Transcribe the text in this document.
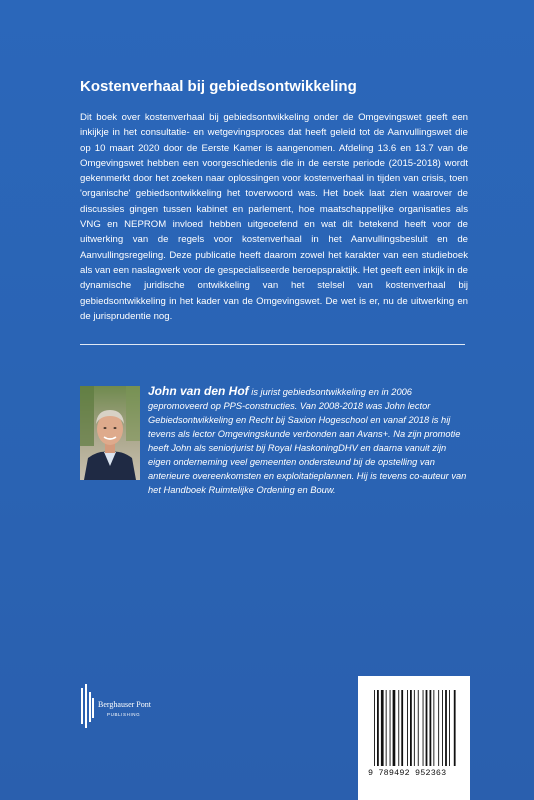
Kostenverhaal bij gebiedsontwikkeling

Dit boek over kostenverhaal bij gebiedsontwikkeling onder de Omgevingswet geeft een inkijkje in het consultatie- en wetgevingsproces dat heeft geleid tot de Aanvullingswet die op 10 maart 2020 door de Eerste Kamer is aangenomen. Afdeling 13.6 en 13.7 van de Omgevingswet hebben een voorgeschiedenis die in de eerste periode (2015-2018) wordt gekenmerkt door het zoeken naar oplossingen voor kostenverhaal in tijden van crisis, toen 'organische' gebiedsontwikkeling het toverwoord was. Het boek laat zien waarover de discussies gingen tussen kabinet en parlement, hoe maatschappelijke organisaties als VNG en NEPROM invloed hebben uitgeoefend en wat dit betekend heeft voor de uitwerking van de regels voor kostenverhaal in het Aanvullingsbesluit en de Aanvullingsregeling. Deze publicatie heeft daarom zowel het karakter van een studieboek als van een naslagwerk voor de gespecialiseerde beroepspraktijk. Het geeft een inkijk in de dynamische juridische ontwikkeling van het stelsel van kostenverhaal bij gebiedsontwikkeling in het kader van de Omgevingswet. De wet is er, nu de uitwerking en de jurisprudentie nog.

John van den Hof is jurist gebiedsontwikkeling en in 2006 gepromoveerd op PPS-constructies. Van 2008-2018 was John lector Gebiedsontwikkeling en Recht bij Saxion Hogeschool en vanaf 2018 is hij tevens als lector Omgevingskunde verbonden aan Avans+. Na zijn promotie heeft John als seniorjurist bij Royal HaskoningDHV en daarna vanuit zijn eigen onderneming veel gemeenten ondersteund bij de opstelling van anterieure overeenkomsten en exploitatieplannen. Hij is tevens co-auteur van het Handboek Ruimtelijke Ordening en Bouw.

Berghauser Pont
PUBLISHING
9 789492 952363
